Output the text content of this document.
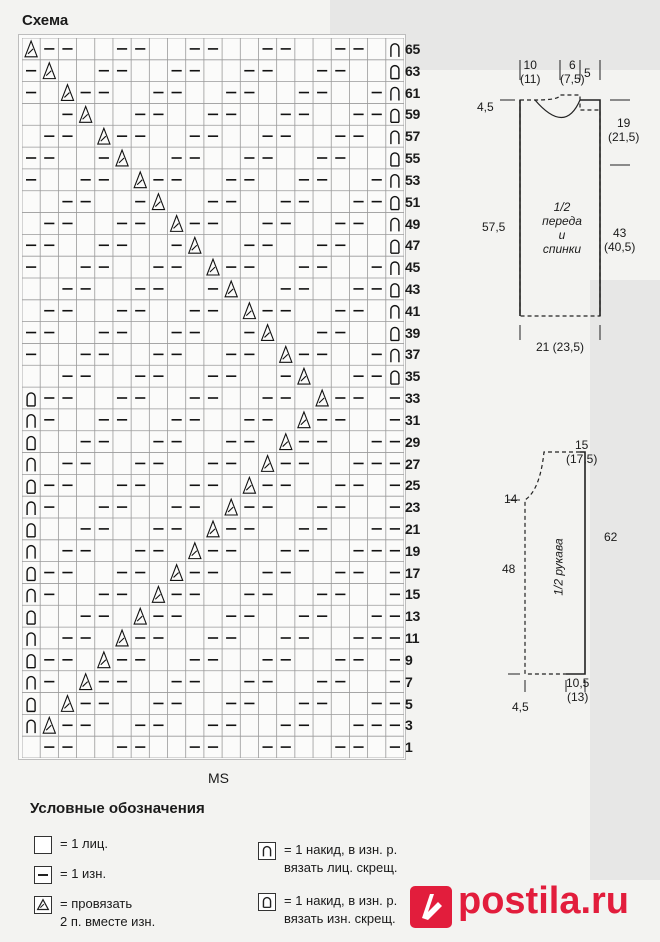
Схема
65
63
61
59
57
55
53
51
49
47
45
43
41
39
37
35
33
31
29
27
25
23
21
19
17
15
13
11
9
7
5
3
1
MS
Условные обозначения
= 1 лиц.
= 1 изн.
= провязать
2 п. вместе изн.
= 1 накид, в изн. р.
вязать лиц. скрещ.
= 1 накид, в изн. р.
вязать изн. скрещ.
10
(11)
6
(7,5) 5
4,5
19
(21,5)
57,5	43
(40,5)
1/2
переда
и
спинки
21 (23,5)
15
(17,5)
14
48
62
1/2 рукава
4,5
10,5
(13)
postila.ru
